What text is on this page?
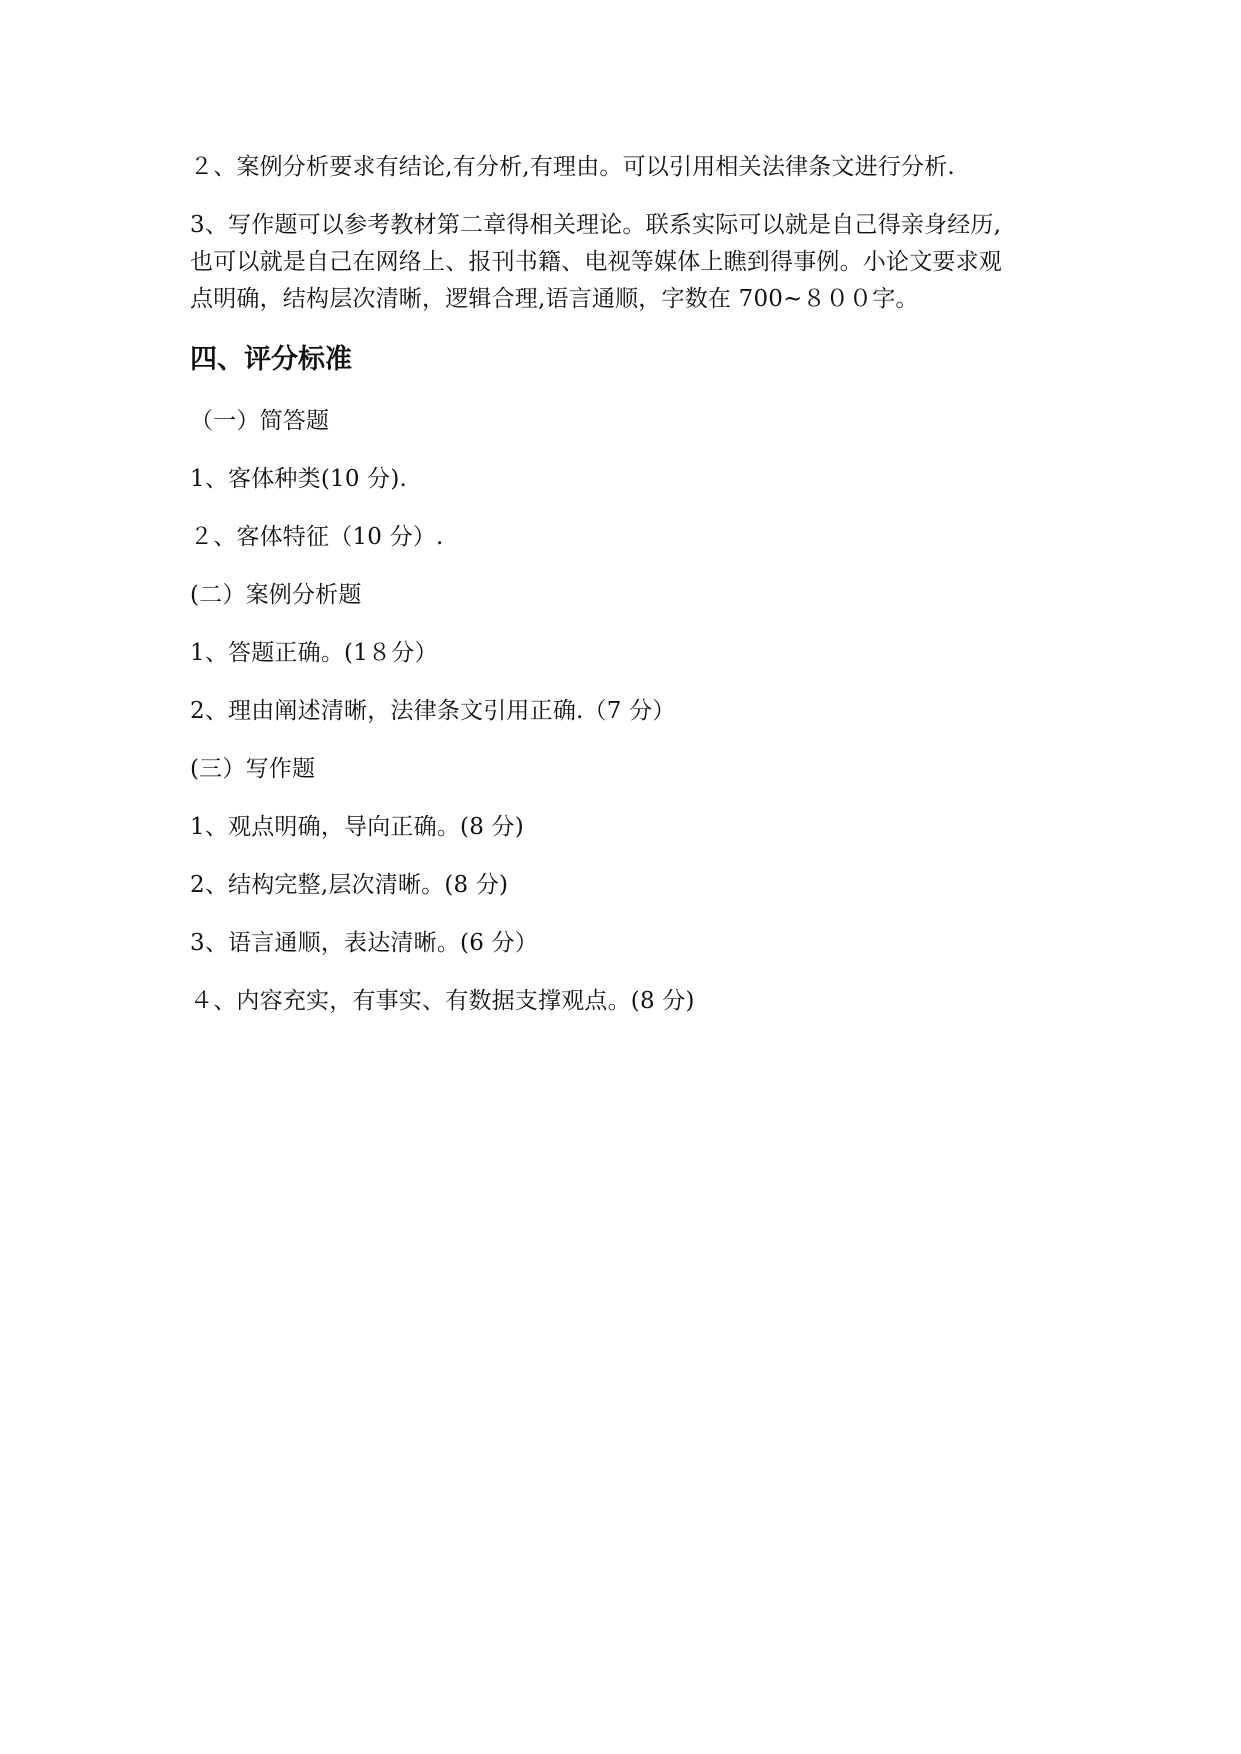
２、案例分析要求有结论,有分析,有理由。可以引用相关法律条文进行分析.
3、写作题可以参考教材第二章得相关理论。联系实际可以就是自己得亲身经历,
也可以就是自己在网络上、报刊书籍、电视等媒体上瞧到得事例。小论文要求观
点明确，结构层次清晰，逻辑合理,语言通顺，字数在 700~８００字。
四、评分标准
（一）简答题
1、客体种类(10 分).
２、客体特征（10 分）.
(二）案例分析题
1、答题正确。(1８分）
2、理由阐述清晰，法律条文引用正确.（7 分）
(三）写作题
1、观点明确，导向正确。(8 分)
2、结构完整,层次清晰。(8 分)
3、语言通顺，表达清晰。(6 分）
４、内容充实，有事实、有数据支撑观点。(8 分)
